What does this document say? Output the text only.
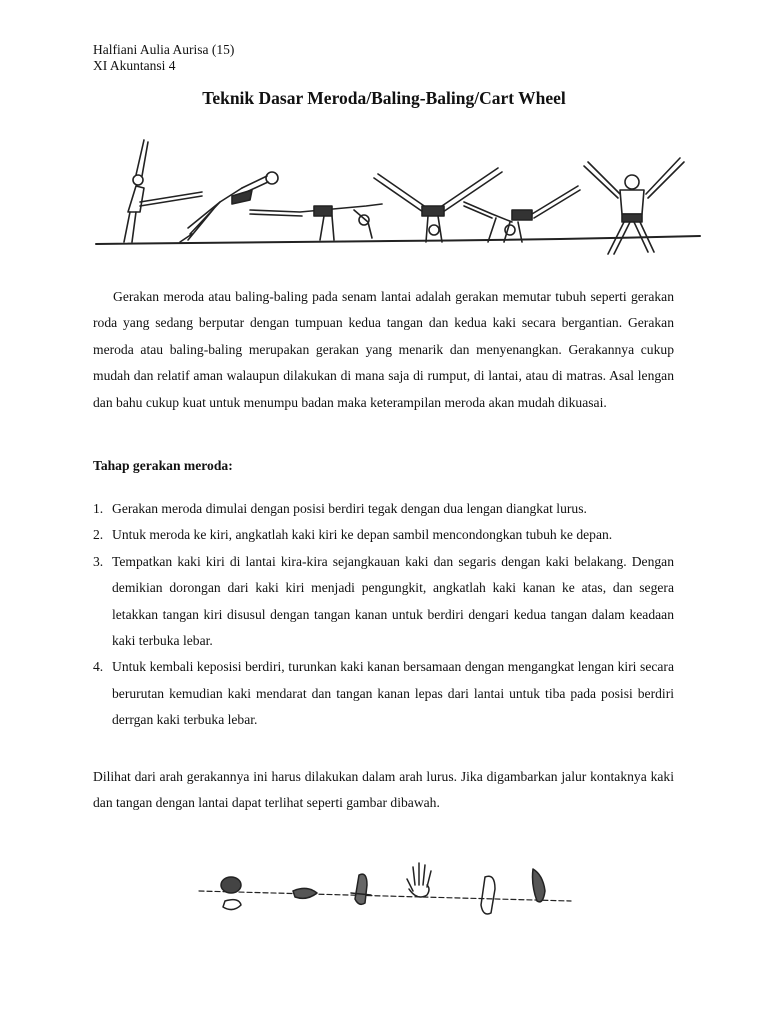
Halfiani Aulia Aurisa (15)
XI Akuntansi 4
Teknik Dasar Meroda/Baling-Baling/Cart Wheel
Gerakan meroda atau baling-baling pada senam lantai adalah gerakan memutar tubuh seperti gerakan roda yang sedang berputar dengan tumpuan kedua tangan dan kedua kaki secara bergantian. Gerakan meroda atau baling-baling merupakan gerakan yang menarik dan menyenangkan. Gerakannya cukup mudah dan relatif aman walaupun dilakukan di mana saja di rumput, di lantai, atau di matras. Asal lengan dan bahu cukup kuat untuk menumpu badan maka keterampilan meroda akan mudah dikuasai.
Tahap gerakan meroda:
1. Gerakan meroda dimulai dengan posisi berdiri tegak dengan dua lengan diangkat lurus.
2. Untuk meroda ke kiri, angkatlah kaki kiri ke depan sambil mencondongkan tubuh ke depan.
3. Tempatkan kaki kiri di lantai kira-kira sejangkauan kaki dan segaris dengan kaki belakang. Dengan demikian dorongan dari kaki kiri menjadi pengungkit, angkatlah kaki kanan ke atas, dan segera letakkan tangan kiri disusul dengan tangan kanan untuk berdiri dengari kedua tangan dalam keadaan kaki terbuka lebar.
4. Untuk kembali keposisi berdiri, turunkan kaki kanan bersamaan dengan mengangkat lengan kiri secara berurutan kemudian kaki mendarat dan tangan kanan lepas dari lantai untuk tiba pada posisi berdiri derrgan kaki terbuka lebar.
Dilihat dari arah gerakannya ini harus dilakukan dalam arah lurus. Jika digambarkan jalur kontaknya kaki dan tangan dengan lantai dapat terlihat seperti gambar dibawah.
